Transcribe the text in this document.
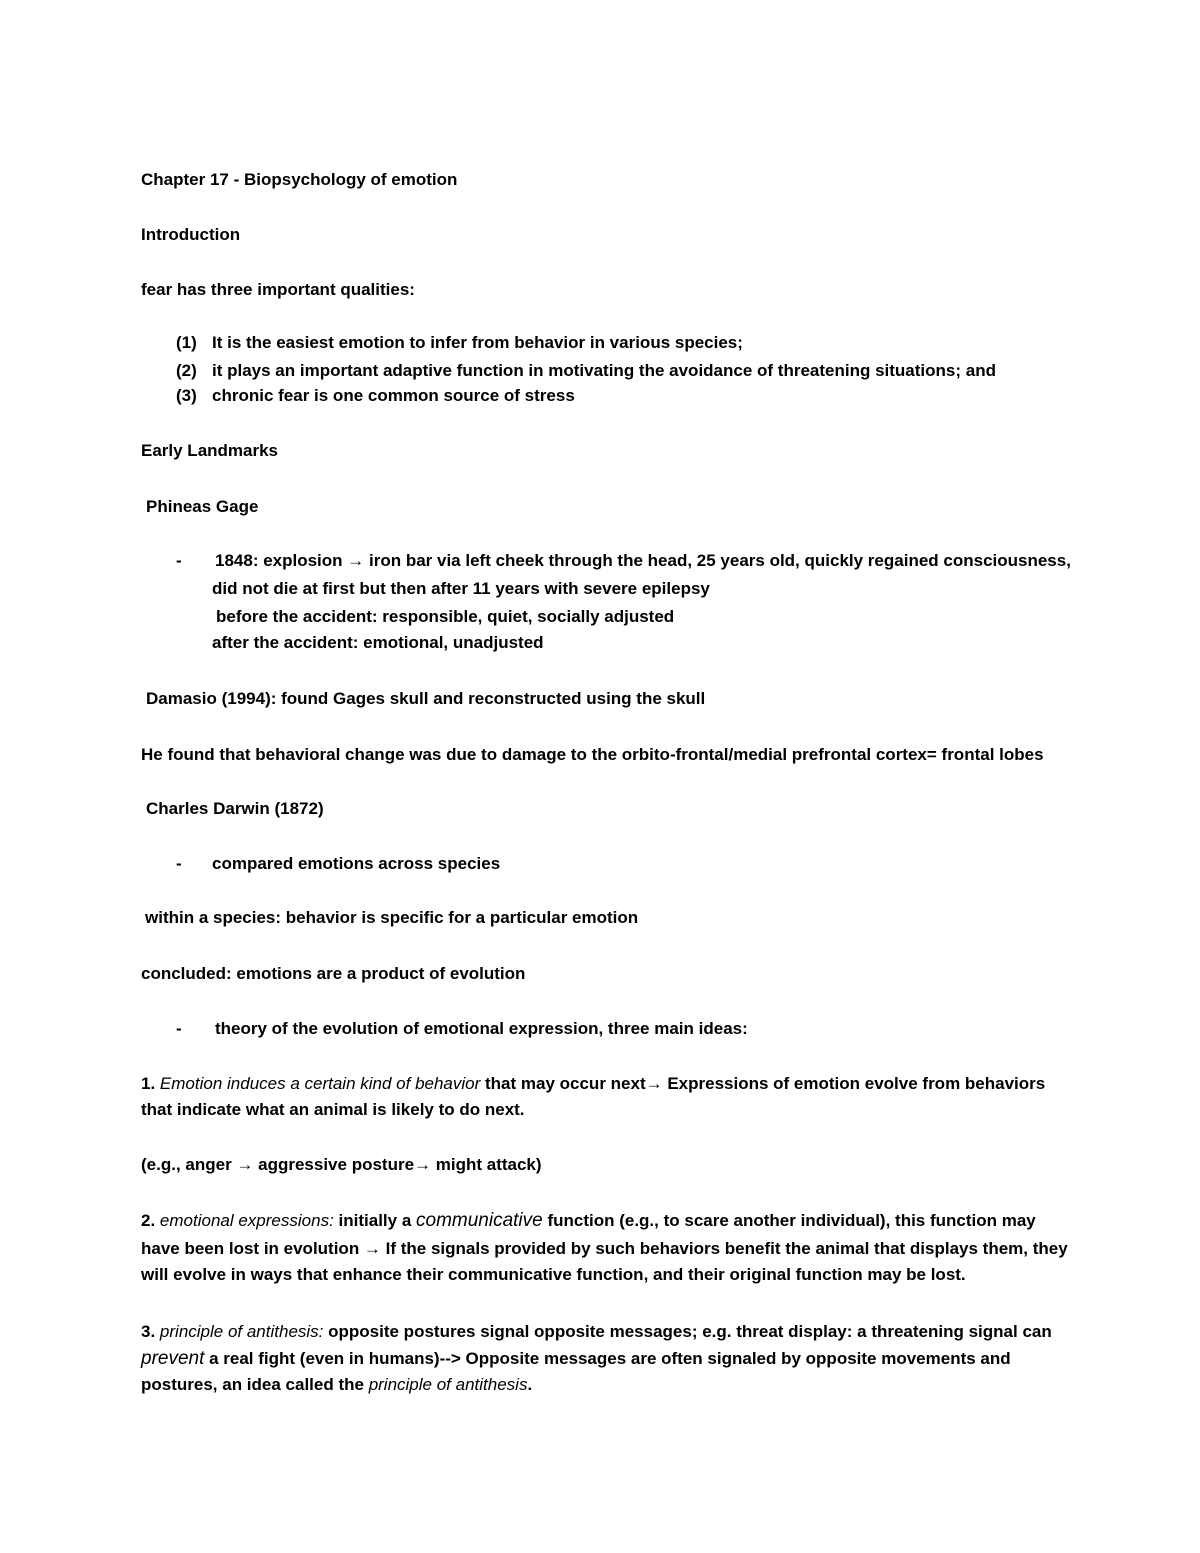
Chapter 17 - Biopsychology of emotion
Introduction
fear has three important qualities:
(1) It is the easiest emotion to infer from behavior in various species;
(2) it plays an important adaptive function in motivating the avoidance of threatening situations; and
(3) chronic fear is one common source of stress
Early Landmarks
Phineas Gage
- 1848: explosion → iron bar via left cheek through the head, 25 years old, quickly regained consciousness,
did not die at first but then after 11 years with severe epilepsy
before the accident: responsible, quiet, socially adjusted
after the accident: emotional, unadjusted
Damasio (1994): found Gages skull and reconstructed using the skull
He found that behavioral change was due to damage to the orbito-frontal/medial prefrontal cortex= frontal lobes
Charles Darwin (1872)
- compared emotions across species
within a species: behavior is specific for a particular emotion
concluded: emotions are a product of evolution
- theory of the evolution of emotional expression, three main ideas:
1. Emotion induces a certain kind of behavior that may occur next→ Expressions of emotion evolve from behaviors
that indicate what an animal is likely to do next.
(e.g., anger → aggressive posture→ might attack)
2. emotional expressions: initially a communicative function (e.g., to scare another individual), this function may
have been lost in evolution → If the signals provided by such behaviors benefit the animal that displays them, they
will evolve in ways that enhance their communicative function, and their original function may be lost.
3. principle of antithesis: opposite postures signal opposite messages; e.g. threat display: a threatening signal can
prevent a real fight (even in humans)--> Opposite messages are often signaled by opposite movements and
postures, an idea called the principle of antithesis.
